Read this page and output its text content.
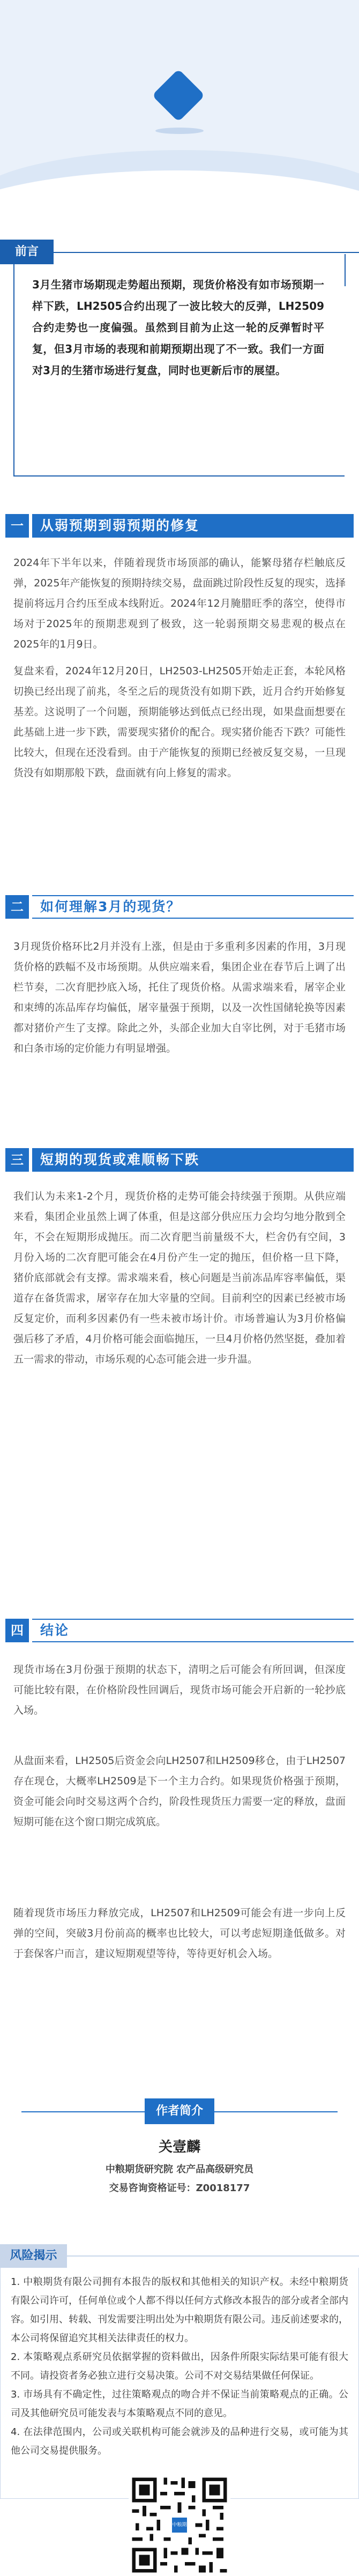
前言
3月生猪市场期现走势超出预期，现货价格没有如市场预期一样下跌，LH2505合约出现了一波比较大的反弹，LH2509合约走势也一度偏强。虽然到目前为止这一轮的反弹暂时平复，但3月市场的表现和前期预期出现了不一致。我们一方面对3月的生猪市场进行复盘，同时也更新后市的展望。
一	从弱预期到弱预期的修复
2024年下半年以来，伴随着现货市场顶部的确认，能繁母猪存栏触底反弹，2025年产能恢复的预期持续交易，盘面跳过阶段性反复的现实，选择提前将远月合约压至成本线附近。2024年12月腌腊旺季的落空，使得市场对于2025年的预期悲观到了极致，这一轮弱预期交易悲观的极点在2025年的1月9日。
复盘来看，2024年12月20日，LH2503-LH2505开始走正套，本轮风格切换已经出现了前兆，冬至之后的现货没有如期下跌，近月合约开始修复基差。这说明了一个问题，预期能够达到低点已经出现，如果盘面想要在此基础上进一步下跌，需要现实猪价的配合。现实猪价能否下跌？可能性比较大，但现在还没看到。由于产能恢复的预期已经被反复交易，一旦现货没有如期那般下跌，盘面就有向上修复的需求。
二	如何理解3月的现货？
3月现货价格环比2月并没有上涨，但是由于多重利多因素的作用，3月现货价格的跌幅不及市场预期。从供应端来看，集团企业在春节后上调了出栏节奏，二次育肥抄底入场，托住了现货价格。从需求端来看，屠宰企业和束缚的冻品库存均偏低，屠宰量强于预期，以及一次性国储轮换等因素都对猪价产生了支撑。除此之外，头部企业加大自宰比例，对于毛猪市场和白条市场的定价能力有明显增强。
三	短期的现货或难顺畅下跌
我们认为未来1-2个月，现货价格的走势可能会持续强于预期。从供应端来看，集团企业虽然上调了体重，但是这部分供应压力会均匀地分散到全年，不会在短期形成抛压。而二次育肥当前量级不大，栏舍仍有空间，3月份入场的二次育肥可能会在4月份产生一定的抛压，但价格一旦下降，猪价底部就会有支撑。需求端来看，核心问题是当前冻品库容率偏低，渠道存在备货需求，屠宰存在加大宰量的空间。目前利空的因素已经被市场反复定价，而利多因素仍有一些未被市场计价。市场普遍认为3月价格偏强后移了矛盾，4月价格可能会面临抛压，一旦4月价格仍然坚挺，叠加着五一需求的带动，市场乐观的心态可能会进一步升温。
四	结论
现货市场在3月份强于预期的状态下，清明之后可能会有所回调，但深度可能比较有限，在价格阶段性回调后，现货市场可能会开启新的一轮抄底入场。
从盘面来看，LH2505后资金会向LH2507和LH2509移仓，由于LH2507存在现仓，大概率LH2509是下一个主力合约。如果现货价格强于预期，资金可能会向时交易这两个合约，阶段性现货压力需要一定的释放，盘面短期可能在这个窗口期完成筑底。
随着现货市场压力释放完成，LH2507和LH2509可能会有进一步向上反弹的空间，突破3月份前高的概率也比较大，可以考虑短期逢低做多。对于套保客户而言，建议短期观望等待，等待更好机会入场。
作者简介
关壹麟
中粮期货研究院 农产品高级研究员
交易咨询资格证号：Z0018177
风险揭示
1. 中粮期货有限公司拥有本报告的版权和其他相关的知识产权。未经中粮期货有限公司许可，任何单位或个人都不得以任何方式修改本报告的部分或者全部内容。如引用、转载、刊发需要注明出处为中粮期货有限公司。违反前述要求的，本公司将保留追究其相关法律责任的权力。
2. 本策略观点系研究员依据掌握的资料做出，因条件所限实际结果可能有很大不同。请投资者务必独立进行交易决策。公司不对交易结果做任何保证。
3. 市场具有不确定性，过往策略观点的吻合并不保证当前策略观点的正确。公司及其他研究员可能发表与本策略观点不同的意见。
4. 在法律范围内，公司或关联机构可能会就涉及的品种进行交易，或可能为其他公司交易提供服务。
中粮期货
